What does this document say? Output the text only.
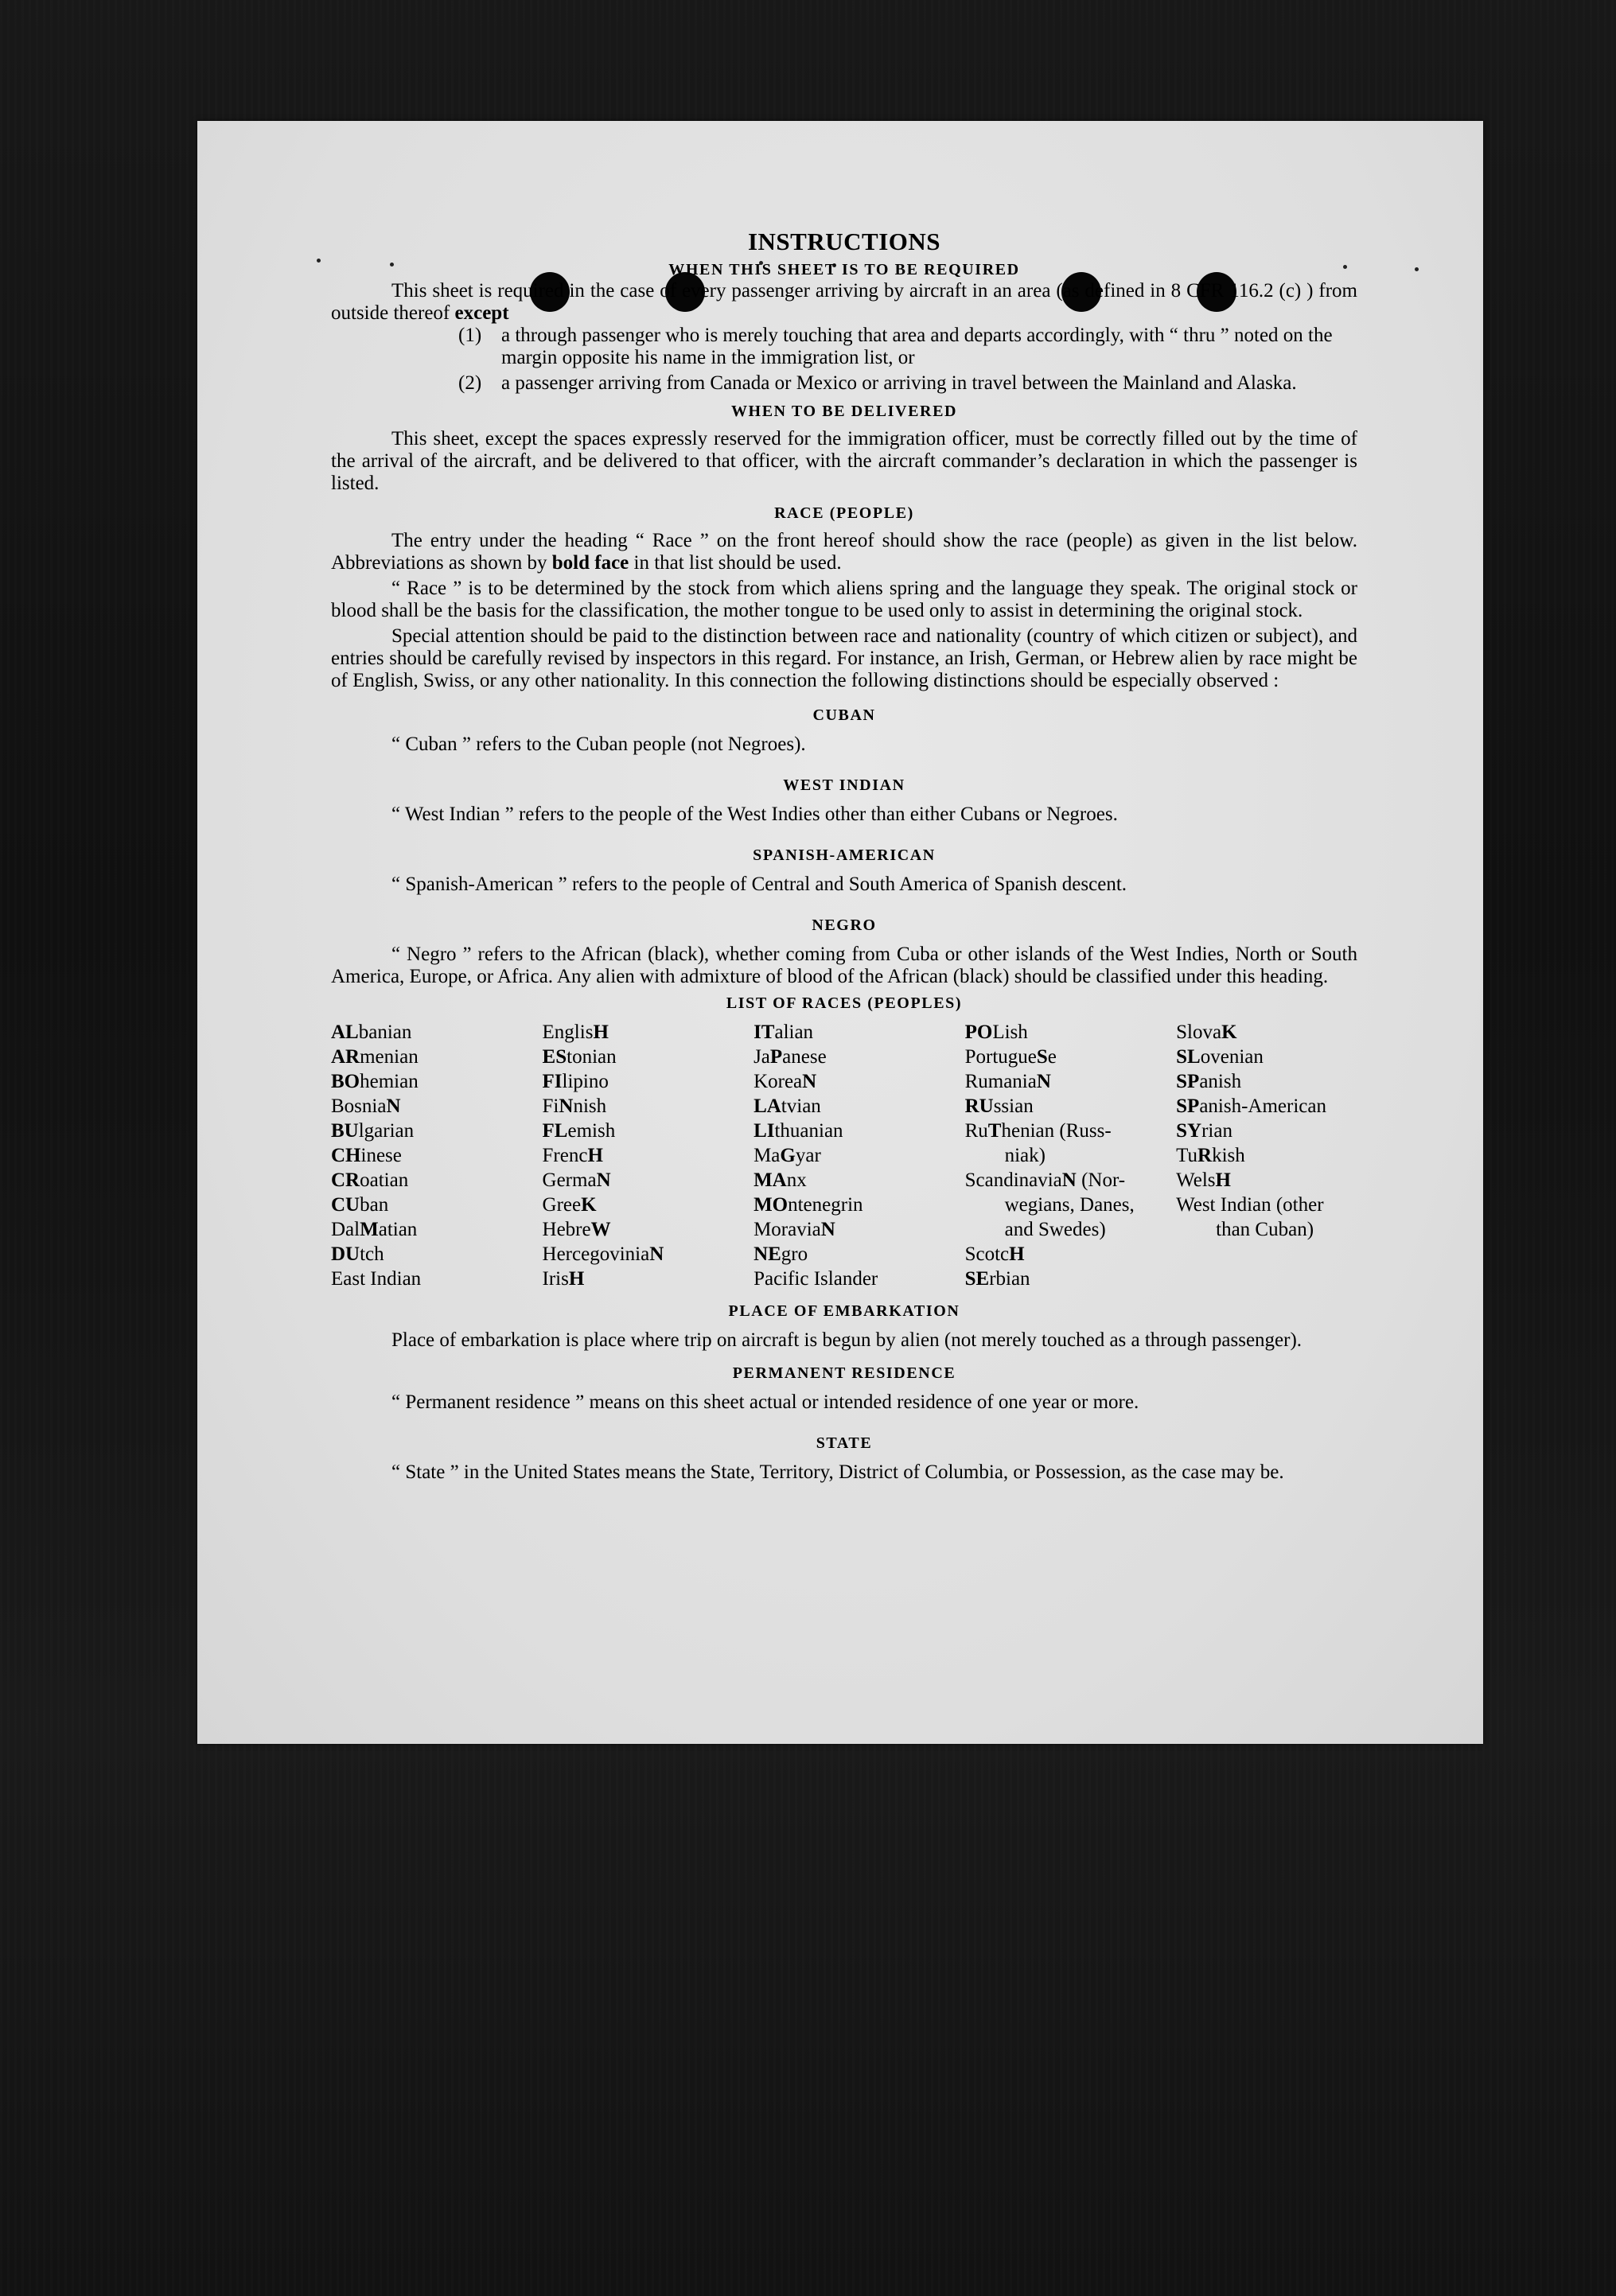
INSTRUCTIONS
WHEN THIS SHEET IS TO BE REQUIRED

This sheet is required in the case of every passenger arriving by aircraft in an area (as defined in 8 CFR 116.2 (c) ) from outside thereof except

(1) a through passenger who is merely touching that area and departs accordingly, with “ thru ” noted on the margin opposite his name in the immigration list, or
(2) a passenger arriving from Canada or Mexico or arriving in travel between the Mainland and Alaska.
WHEN TO BE DELIVERED

This sheet, except the spaces expressly reserved for the immigration officer, must be correctly filled out by the time of the arrival of the aircraft, and be delivered to that officer, with the aircraft commander’s declaration in which the passenger is listed.

RACE (PEOPLE)

The entry under the heading “ Race ” on the front hereof should show the race (people) as given in the list below. Abbreviations as shown by bold face in that list should be used.

“ Race ” is to be determined by the stock from which aliens spring and the language they speak. The original stock or blood shall be the basis for the classification, the mother tongue to be used only to assist in determining the original stock.

Special attention should be paid to the distinction between race and nationality (country of which citizen or subject), and entries should be carefully revised by inspectors in this regard. For instance, an Irish, German, or Hebrew alien by race might be of English, Swiss, or any other nationality. In this connection the following distinctions should be especially observed :

CUBAN

“ Cuban ” refers to the Cuban people (not Negroes).

WEST INDIAN

“ West Indian ” refers to the people of the West Indies other than either Cubans or Negroes.

SPANISH-AMERICAN

“ Spanish-American ” refers to the people of Central and South America of Spanish descent.

NEGRO

“ Negro ” refers to the African (black), whether coming from Cuba or other islands of the West Indies, North or South America, Europe, or Africa. Any alien with admixture of blood of the African (black) should be classified under this heading.

LIST OF RACES (PEOPLES)
ALbanian
ARmenian
BOhemian
BosniaN
BUlgarian
CHinese
CRoatian
CUban
DalMatian
DUtch
East Indian
EnglisH
EStonian
FIlipino
FiNnish
FLemish
FrencH
GermaN
GreeK
HebreW
HercegoviniaN
IrisH
ITalian
JaPanese
KoreaN
LAtvian
LIthuanian
MaGyar
MAnx
MOntenegrin
MoraviaN
NEgro
Pacific Islander
POLish
PortugueSe
RumaniaN
RUssian
RuThenian (Russ-
  niak)
ScandinaviaN (Nor-
  wegians, Danes,
  and Swedes)
ScotcH
SErbian
SlovaK
SLovenian
SPanish
SPanish-American
SYrian
TuRkish
WelsH
West Indian (other
  than Cuban)
PLACE OF EMBARKATION

Place of embarkation is place where trip on aircraft is begun by alien (not merely touched as a through passenger).

PERMANENT RESIDENCE

“ Permanent residence ” means on this sheet actual or intended residence of one year or more.

STATE

“ State ” in the United States means the State, Territory, District of Columbia, or Possession, as the case may be.
